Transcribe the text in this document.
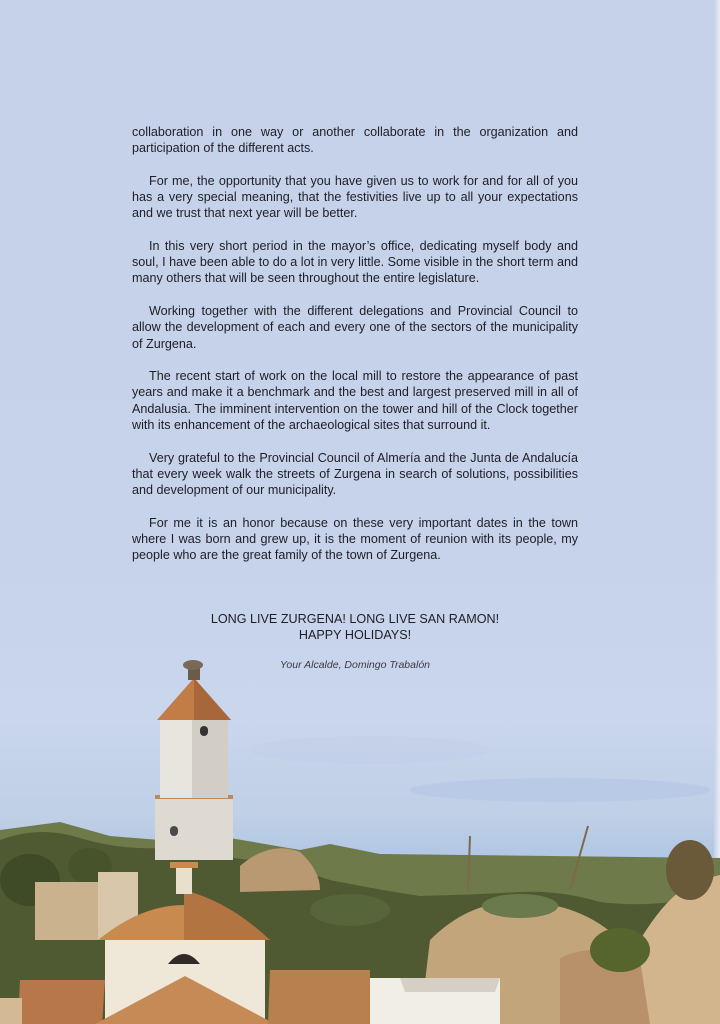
collaboration in one way or another collaborate in the organization and participation of the different acts.

For me, the opportunity that you have given us to work for and for all of you has a very special meaning, that the festivities live up to all your expectations and we trust that next year will be better.

In this very short period in the mayor’s office, dedicating myself body and soul, I have been able to do a lot in very little. Some visible in the short term and many others that will be seen throughout the entire legislature.

Working together with the different delegations and Provincial Council to allow the development of each and every one of the sectors of the municipality of Zurgena.

The recent start of work on the local mill to restore the appearance of past years and make it a benchmark and the best and largest preserved mill in all of Andalusia. The imminent intervention on the tower and hill of the Clock together with its enhancement of the archaeological sites that surround it.

Very grateful to the Provincial Council of Almería and the Junta de Andalucía that every week walk the streets of Zurgena in search of solutions, possibilities and development of our municipality.

For me it is an honor because on these very important dates in the town where I was born and grew up, it is the moment of reunion with its people, my people who are the great family of the town of Zurgena.

LONG LIVE ZURGENA! LONG LIVE SAN RAMON!
HAPPY HOLIDAYS!
Your Alcalde, Domingo Trabalón
